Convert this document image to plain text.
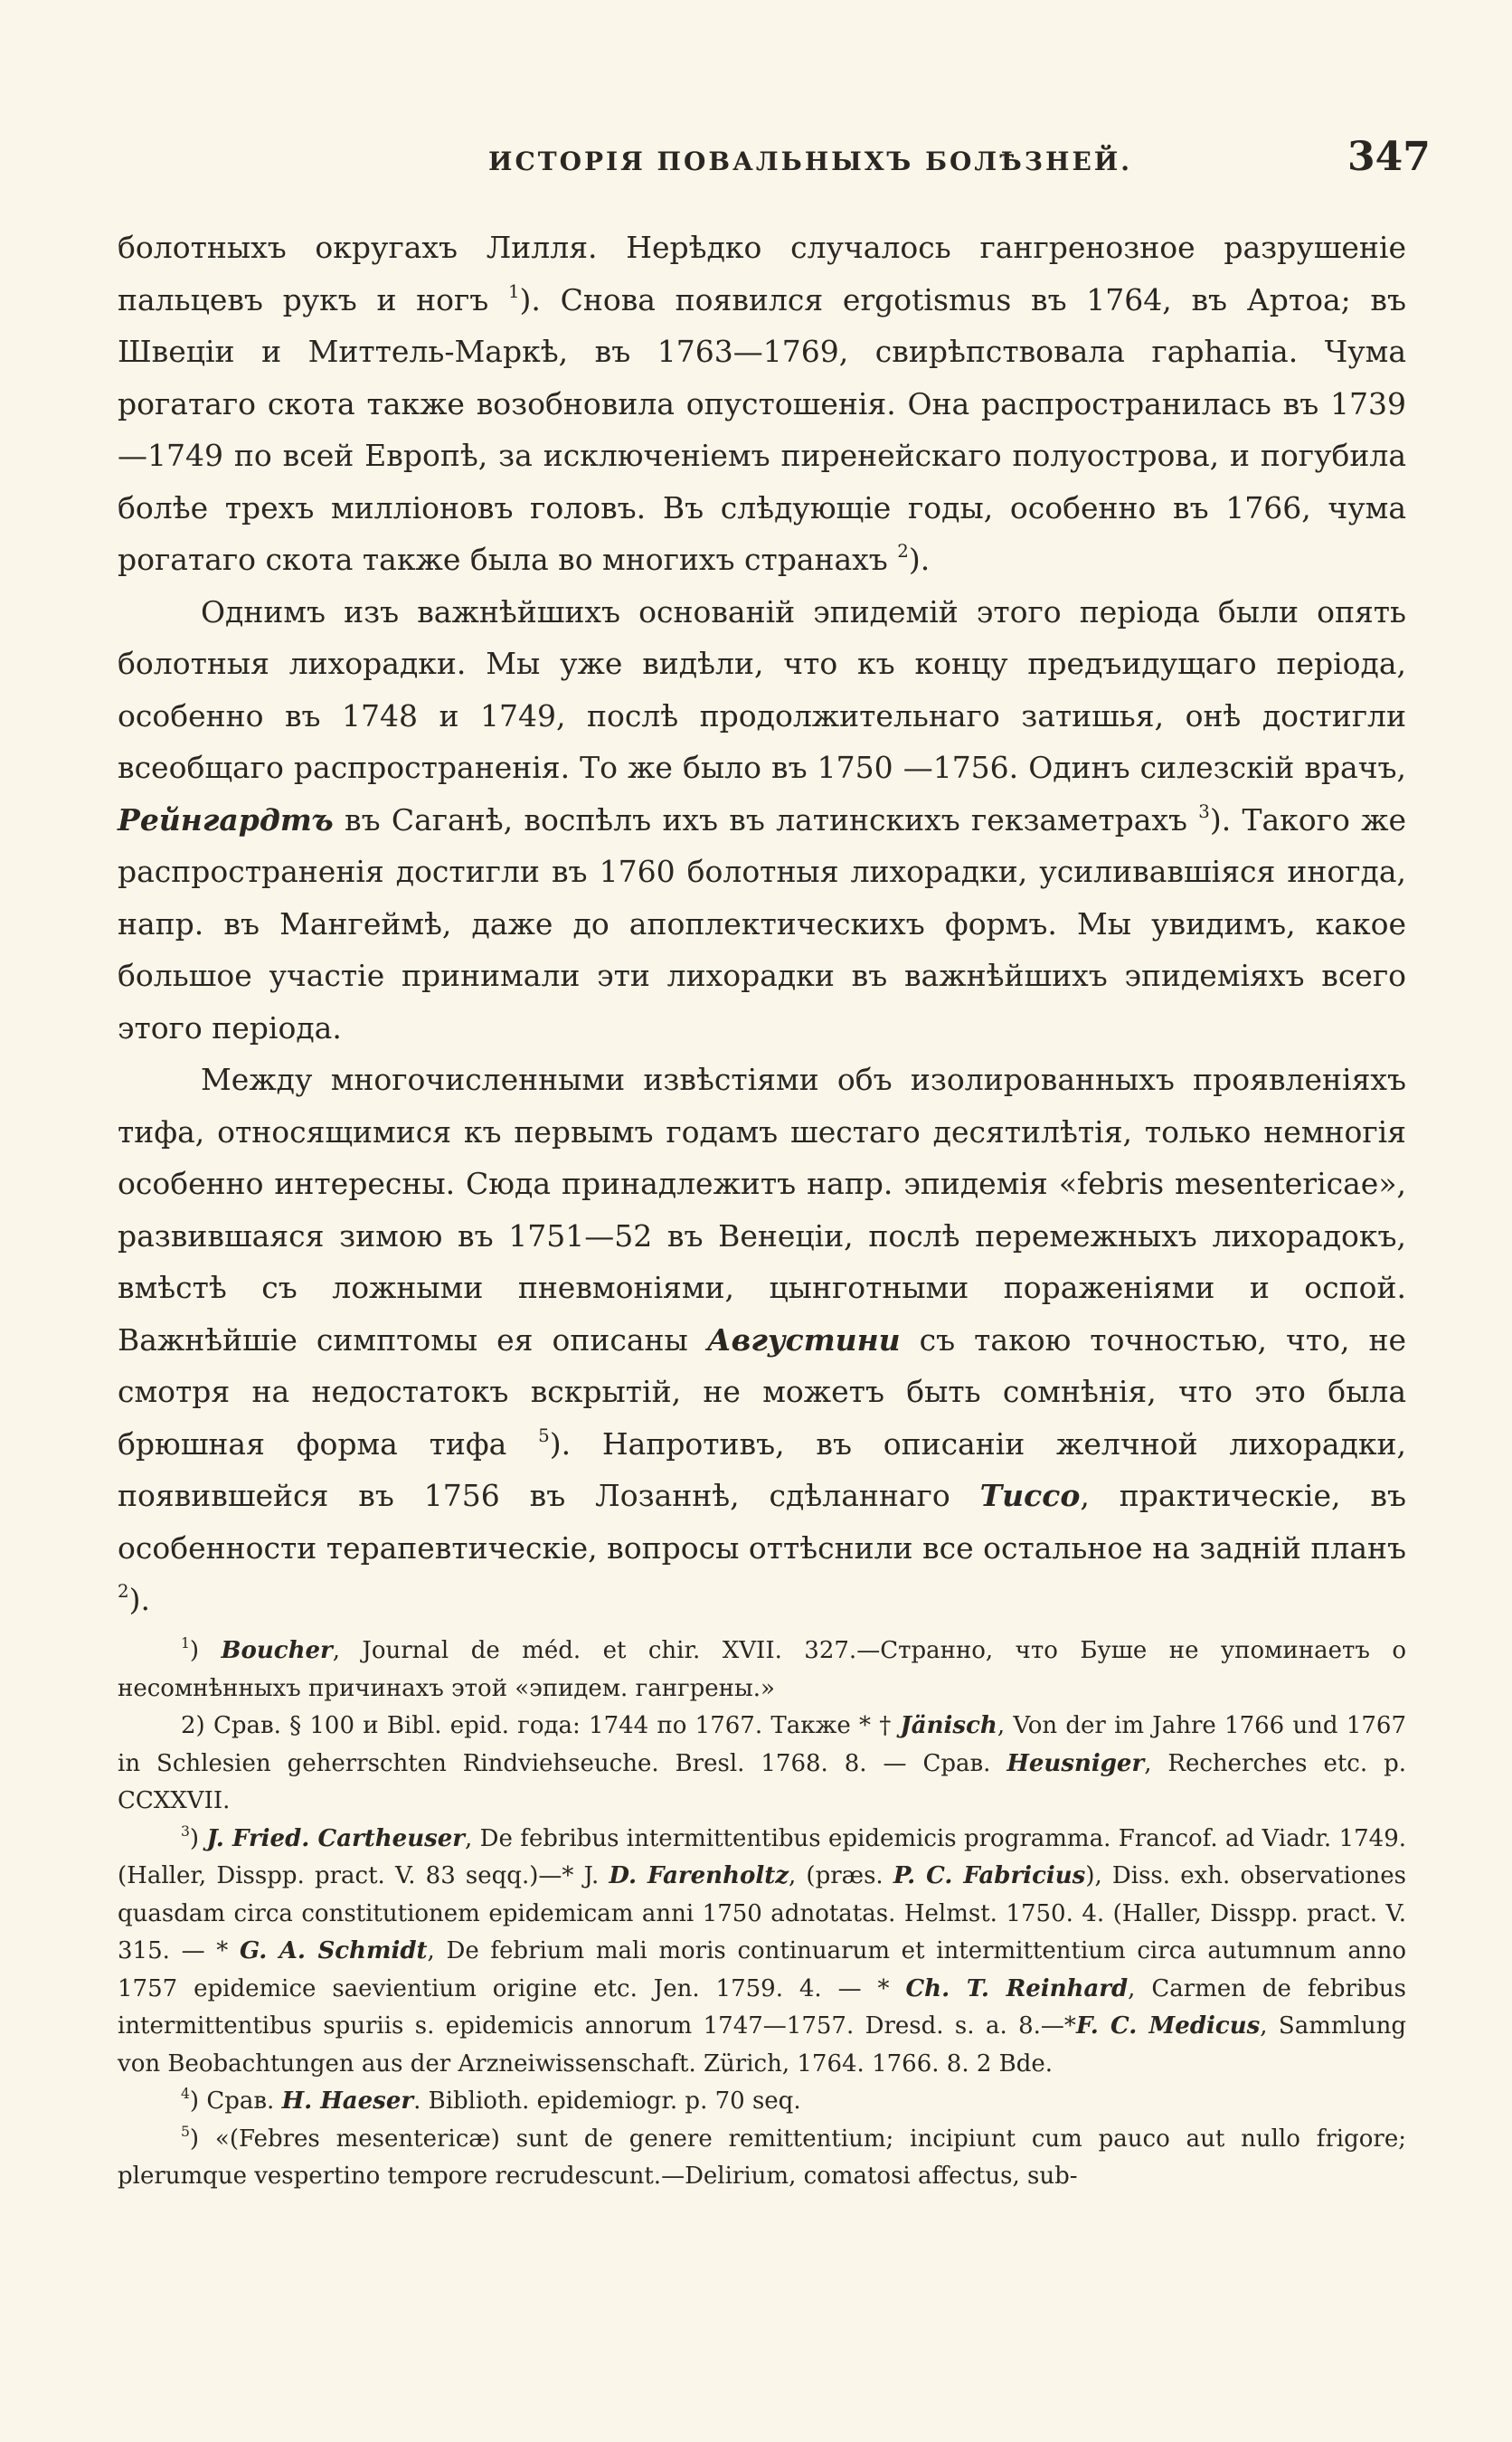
ИСТОРІЯ ПОВАЛЬНЫХЪ БОЛѢЗНЕЙ.	347

болотныхъ округахъ Лилля. Нерѣдко случалось гангренозное разрушеніе пальцевъ рукъ и ногъ $^1$). Снова появился ergotismus въ 1764, въ Артоа; въ Швеціи и Миттель-Маркѣ, въ 1763—1769, свирѣпствовала гарhапіа. Чума рогатаго скота также возобновила опустошенія. Она распространилась въ 1739 —1749 по всей Европѣ, за исключеніемъ пиренейскаго полуострова, и погубила болѣе трехъ милліоновъ головъ. Въ слѣдующіе годы, особенно въ 1766, чума рогатаго скота также была во многихъ странахъ $^2$).

Однимъ изъ важнѣйшихъ основаній эпидемій этого періода были опять болотныя лихорадки. Мы уже видѣли, что къ концу предъидущаго періода, особенно въ 1748 и 1749, послѣ продолжительнаго затишья, онѣ достигли всеобщаго распространенія. То же было въ 1750 —1756. Одинъ силезскій врачъ, Рейнгардтъ въ Саганѣ, воспѣлъ ихъ въ латинскихъ гекзаметрахъ $^3$). Такого же распространенія достигли въ 1760 болотныя лихорадки, усиливавшіяся иногда, напр. въ Мангеймѣ, даже до апоплектическихъ формъ. Мы увидимъ, какое большое участіе принимали эти лихорадки въ важнѣйшихъ эпидеміяхъ всего этого періода.

Между многочисленными извѣстіями объ изолированныхъ проявленіяхъ тифа, относящимися къ первымъ годамъ шестаго десятилѣтія, только немногія особенно интересны. Сюда принадлежитъ напр. эпидемія «febris mesentericae», развившаяся зимою въ 1751—52 въ Венеціи, послѣ перемежныхъ лихорадокъ, вмѣстѣ съ ложными пневмоніями, цынготными пораженіями и оспой. Важнѣйшіе симптомы ея описаны Августини съ такою точностью, что, не смотря на недостатокъ вскрытій, не можетъ быть сомнѣнія, что это была брюшная форма тифа $^5$). Напротивъ, въ описаніи желчной лихорадки, появившейся въ 1756 въ Лозаннѣ, сдѣланнаго Тиссо, практическіе, въ особенности терапевтическіе, вопросы оттѣснили все остальное на заднiй планъ $^2$).

$^1$) Boucher, Journal de méd. et chir. XVII. 327.—Странно, что Буше не упоминаетъ о несомнѣнныхъ причинахъ этой «эпидем. гангрены.»

2) Срав. § 100 и Bibl. epid. года: 1744 по 1767. Также * † Jänisch, Von der im Jahre 1766 und 1767 in Schlesien geherrschten Rindviehseuche. Bresl. 1768. 8. — Срав. Heusniger, Recherches etc. p. CCXXVII.

$^3$) J. Fried. Cartheuser, De febribus intermittentibus epidemicis programma. Francof. ad Viadr. 1749. (Haller, Disspp. pract. V. 83 seqq.)—* J. D. Farenholtz, (præs. P. C. Fabricius), Diss. exh. observationes quasdam circa constitutionem epidemicam anni 1750 adnotatas. Helmst. 1750. 4. (Haller, Disspp. pract. V. 315. — * G. A. Schmidt, De febrium mali moris continuarum et intermittentium circa autumnum anno 1757 epidemice saevientium origine etc. Jen. 1759. 4. — * Ch. T. Reinhard, Carmen de febribus intermittentibus spuriis s. epidemicis annorum 1747—1757. Dresd. s. a. 8.—*F. C. Medicus, Sammlung von Beobachtungen aus der Arzneiwissenschaft. Zürich, 1764. 1766. 8. 2 Bde.

$^4$) Срав. H. Haeser. Biblioth. epidemiogr. p. 70 seq.

$^5$) «(Febres mesentericæ) sunt de genere remittentium; incipiunt cum pauco aut nullo frigore; plerumque vespertino tempore recrudescunt.—Delirium, comatosi affectus, sub-
